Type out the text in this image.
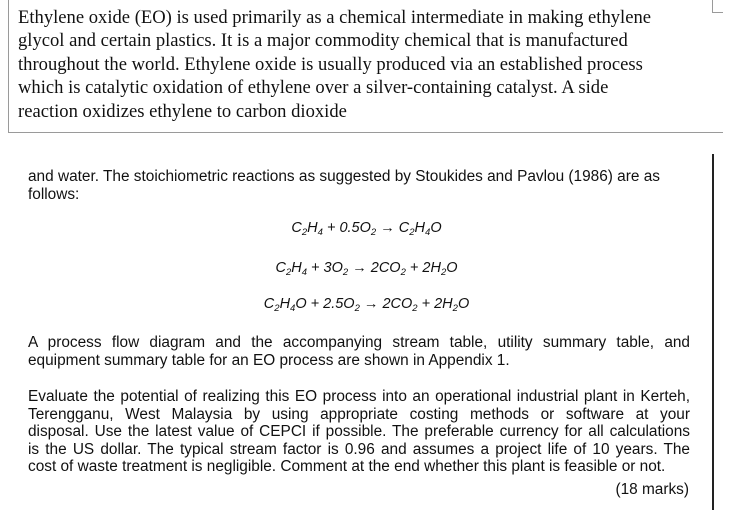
Ethylene oxide (EO) is used primarily as a chemical intermediate in making ethylene
glycol and certain plastics. It is a major commodity chemical that is manufactured
throughout the world. Ethylene oxide is usually produced via an established process
which is catalytic oxidation of ethylene over a silver-containing catalyst. A side
reaction oxidizes ethylene to carbon dioxide

and water. The stoichiometric reactions as suggested by Stoukides and Pavlou (1986) are as
follows:

$C_2H_4 + 0.5O_2 \to C_2H_4O$
$C_2H_4 + 3O_2 \to 2CO_2 + 2H_2O$
$C_2H_4O + 2.5O_2 \to 2CO_2 + 2H_2O$

A process flow diagram and the accompanying stream table, utility summary table, and
equipment summary table for an EO process are shown in Appendix 1.

Evaluate the potential of realizing this EO process into an operational industrial plant in Kerteh,
Terengganu, West Malaysia by using appropriate costing methods or software at your
disposal. Use the latest value of CEPCI if possible. The preferable currency for all calculations
is the US dollar. The typical stream factor is 0.96 and assumes a project life of 10 years. The
cost of waste treatment is negligible. Comment at the end whether this plant is feasible or not.

(18 marks)
